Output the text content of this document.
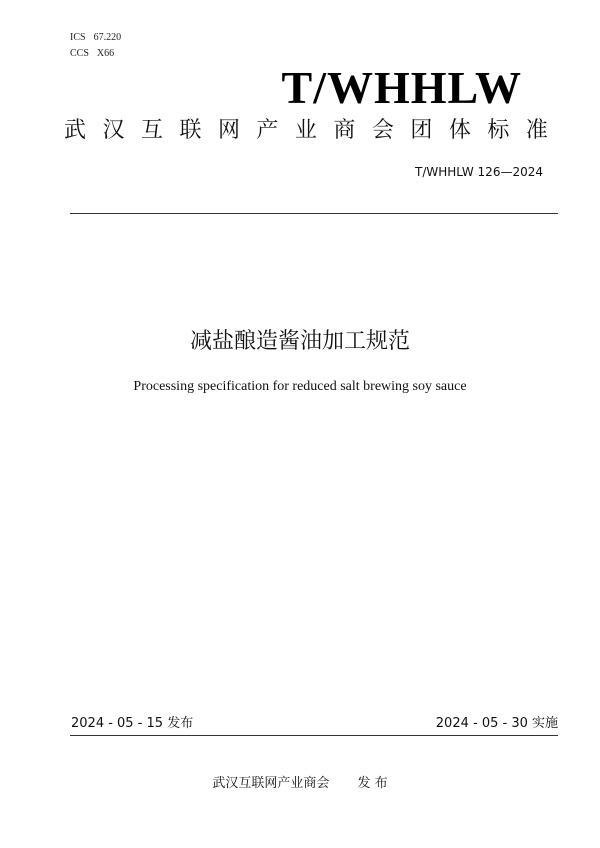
ICS 67.220
CCS X66
T/WHHLW
武 汉 互 联 网 产 业 商 会 团 体 标 准
T/WHHLW 126—2024
减盐酿造酱油加工规范
Processing specification for reduced salt brewing soy sauce
2024 - 05 - 15 发布	2024 - 05 - 30 实施
武汉互联网产业商会 发 布
